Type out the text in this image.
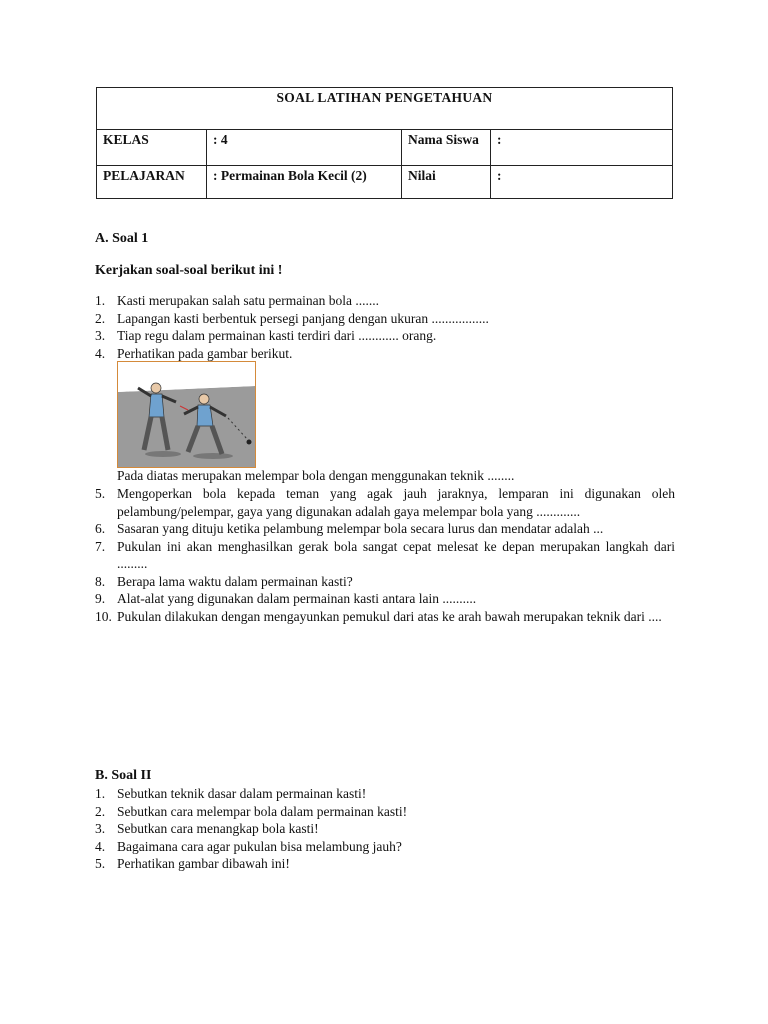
SOAL LATIHAN PENGETAHUAN			
KELAS	: 4	Nama Siswa	:
PELAJARAN	: Permainan Bola Kecil (2)	Nilai	:
A. Soal 1
Kerjakan soal-soal berikut ini !
1. Kasti merupakan salah satu permainan bola .......
2. Lapangan kasti berbentuk persegi panjang dengan ukuran .................
3. Tiap regu dalam permainan kasti terdiri dari ............ orang.
4. Perhatikan pada gambar berikut.
Pada diatas merupakan melempar bola dengan menggunakan teknik ........
5. Mengoperkan bola kepada teman yang agak jauh jaraknya, lemparan ini digunakan oleh pelambung/pelempar, gaya yang digunakan adalah gaya melempar bola yang .............
6. Sasaran yang dituju ketika pelambung melempar bola secara lurus dan mendatar adalah ...
7. Pukulan ini akan menghasilkan gerak bola sangat cepat melesat ke depan merupakan langkah dari .........
8. Berapa lama waktu dalam permainan kasti?
9. Alat-alat yang digunakan dalam permainan kasti antara lain ..........
10. Pukulan dilakukan dengan mengayunkan pemukul dari atas ke arah bawah merupakan teknik dari ....
B. Soal II
1. Sebutkan teknik dasar dalam permainan kasti!
2. Sebutkan cara melempar bola dalam permainan kasti!
3. Sebutkan cara menangkap bola kasti!
4. Bagaimana cara agar pukulan bisa melambung jauh?
5. Perhatikan gambar dibawah ini!
